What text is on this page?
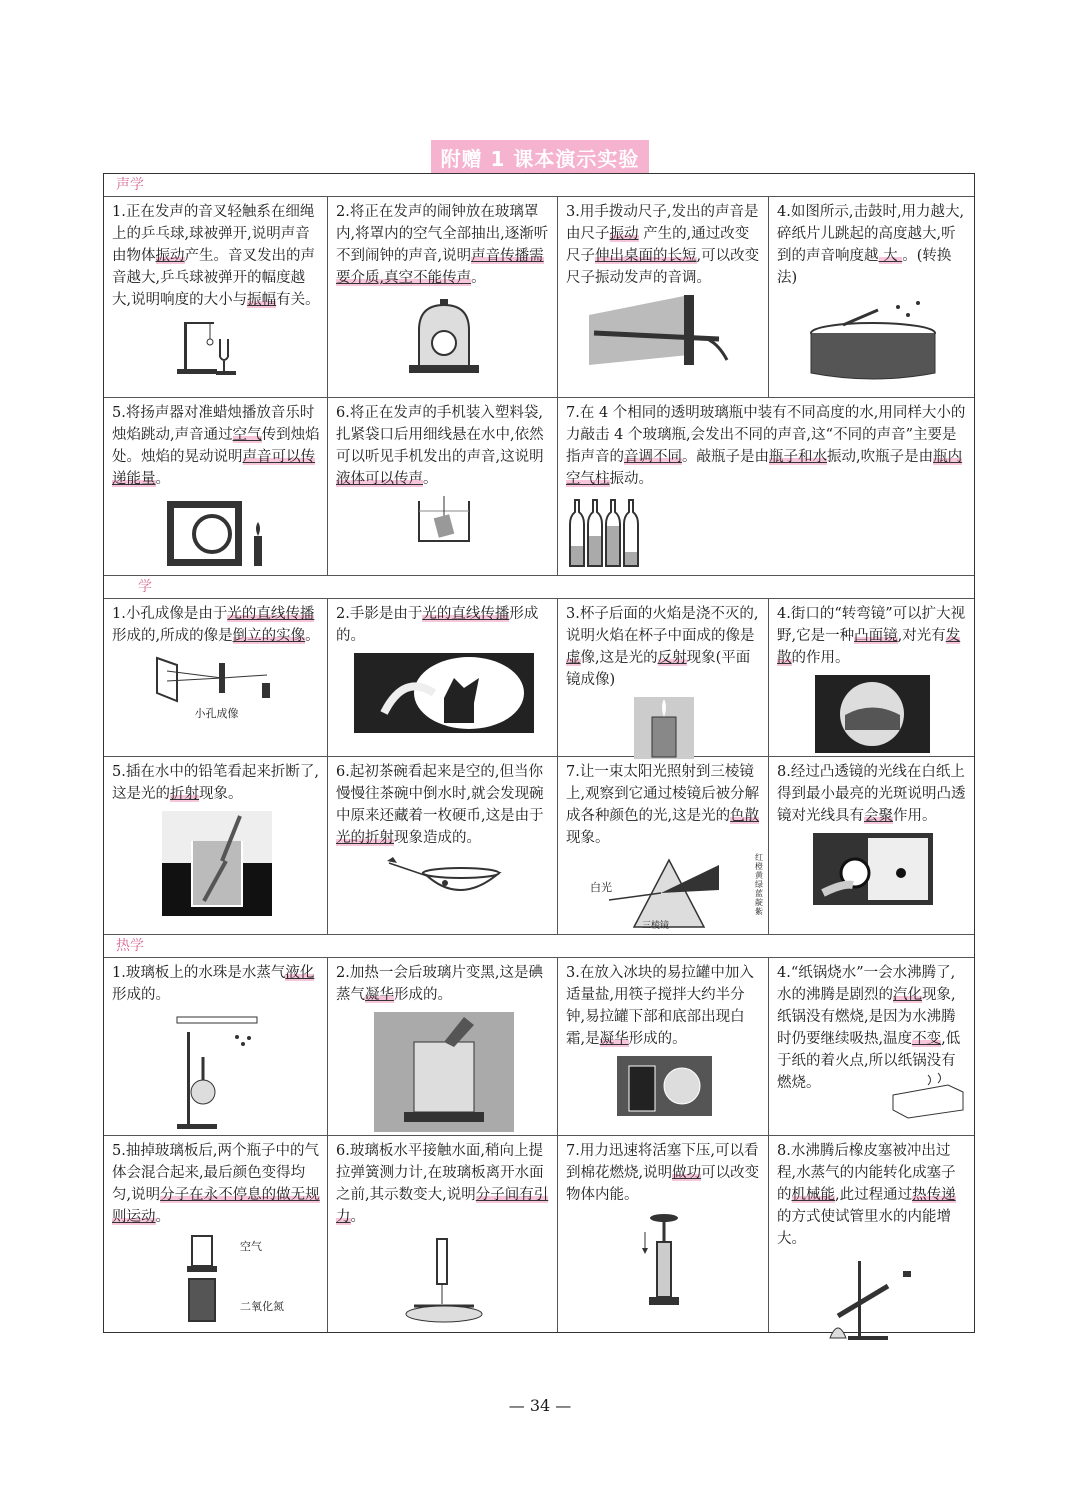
附赠 1 课本演示实验
声学
1.正在发声的音叉轻触系在细绳上的乒乓球,球被弹开,说明声音由物体振动产生。音叉发出的声音越大,乒乓球被弹开的幅度越大,说明响度的大小与振幅有关。
2.将正在发声的闹钟放在玻璃罩内,将罩内的空气全部抽出,逐渐听不到闹钟的声音,说明声音传播需要介质,真空不能传声。
3.用手拨动尺子,发出的声音是由尺子振动 产生的,通过改变尺子伸出桌面的长短,可以改变尺子振动发声的音调。
4.如图所示,击鼓时,用力越大,碎纸片儿跳起的高度越大,听到的声音响度越 大 。(转换法)
5.将扬声器对准蜡烛播放音乐时烛焰跳动,声音通过空气传到烛焰处。烛焰的晃动说明声音可以传递能量。
6.将正在发声的手机装入塑料袋,扎紧袋口后用细线悬在水中,依然可以听见手机发出的声音,这说明液体可以传声。
7.在 4 个相同的透明玻璃瓶中装有不同高度的水,用同样大小的力敲击 4 个玻璃瓶,会发出不同的声音,这“不同的声音”主要是指声音的音调不同。敲瓶子是由瓶子和水振动,吹瓶子是由瓶内空气柱振动。
学
1.小孔成像是由于光的直线传播形成的,所成的像是倒立的实像。
小孔成像
2.手影是由于光的直线传播形成的。
3.杯子后面的火焰是浇不灭的,说明火焰在杯子中面成的像是虚像,这是光的反射现象(平面镜成像)
4.街口的“转弯镜”可以扩大视野,它是一种凸面镜,对光有发散的作用。
5.插在水中的铅笔看起来折断了,这是光的折射现象。
6.起初茶碗看起来是空的,但当你慢慢往茶碗中倒水时,就会发现碗中原来还藏着一枚硬币,这是由于光的折射现象造成的。
7.让一束太阳光照射到三棱镜上,观察到它通过棱镜后被分解成各种颜色的光,这是光的色散现象。
白光
三棱镜
红橙黄绿蓝靛紫
8.经过凸透镜的光线在白纸上得到最小最亮的光斑说明凸透镜对光线具有会聚作用。
热学
1.玻璃板上的水珠是水蒸气液化形成的。
2.加热一会后玻璃片变黑,这是碘蒸气凝华形成的。
3.在放入冰块的易拉罐中加入适量盐,用筷子搅拌大约半分钟,易拉罐下部和底部出现白霜,是凝华形成的。
4.“纸锅烧水”一会水沸腾了,水的沸腾是剧烈的汽化现象,纸锅没有燃烧,是因为水沸腾时仍要继续吸热,温度不变,低于纸的着火点,所以纸锅没有燃烧。
5.抽掉玻璃板后,两个瓶子中的气体会混合起来,最后颜色变得均匀,说明分子在永不停息的做无规则运动。
空气
二氧化氮
6.玻璃板水平接触水面,稍向上提拉弹簧测力计,在玻璃板离开水面之前,其示数变大,说明分子间有引力。
7.用力迅速将活塞下压,可以看到棉花燃烧,说明做功可以改变物体内能。
8.水沸腾后橡皮塞被冲出过程,水蒸气的内能转化成塞子的机械能,此过程通过热传递的方式使试管里水的内能增大。
— 34 —
